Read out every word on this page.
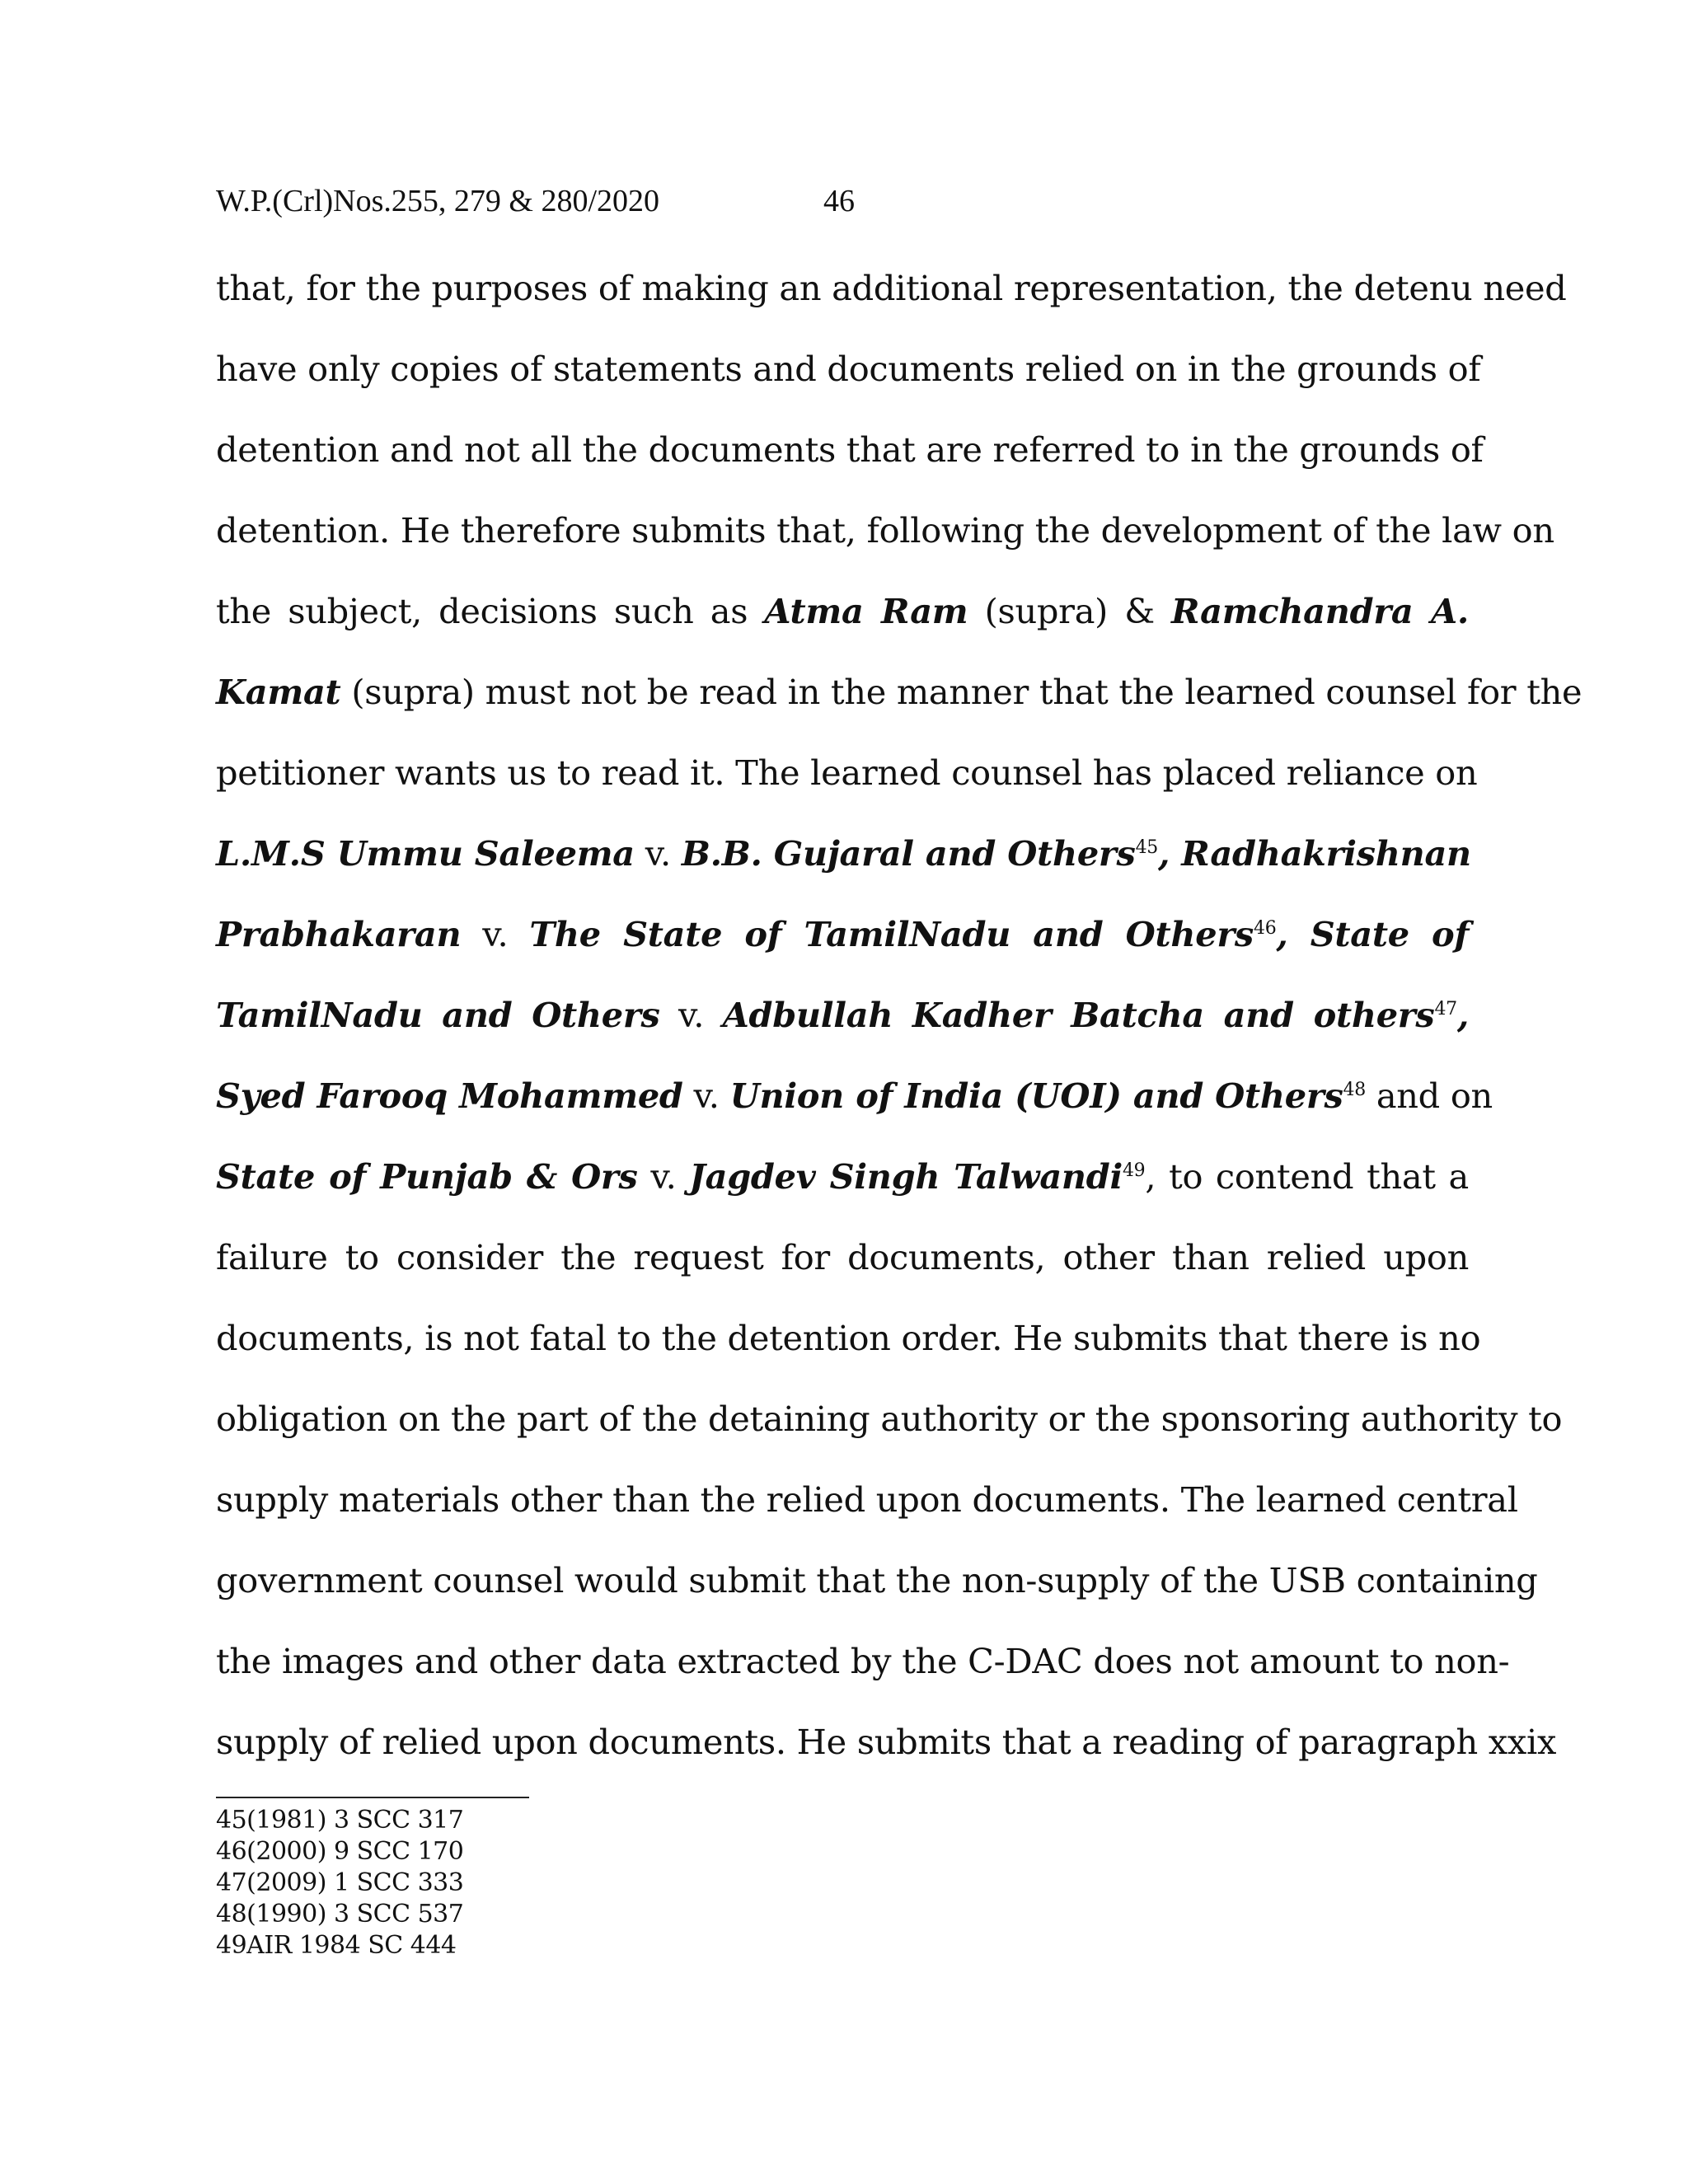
W.P.(Crl)Nos.255, 279 & 280/2020	46
that, for the purposes of making an additional representation, the detenu need
have only copies of statements and documents relied on in the grounds of
detention and not all the documents that are referred to in the grounds of
detention. He therefore submits that, following the development of the law on
the subject, decisions such as Atma Ram (supra) & Ramchandra A.
Kamat (supra) must not be read in the manner that the learned counsel for the
petitioner wants us to read it. The learned counsel has placed reliance on
L.M.S Ummu Saleema v. B.B. Gujaral and Others$^{45}$, Radhakrishnan
Prabhakaran v. The State of TamilNadu and Others$^{46}$, State of
TamilNadu and Others v. Adbullah Kadher Batcha and others$^{47}$,
Syed Farooq Mohammed v. Union of India (UOI) and Others$^{48}$ and on
State of Punjab & Ors v. Jagdev Singh Talwandi$^{49}$, to contend that a
failure to consider the request for documents, other than relied upon
documents, is not fatal to the detention order. He submits that there is no
obligation on the part of the detaining authority or the sponsoring authority to
supply materials other than the relied upon documents. The learned central
government counsel would submit that the non-supply of the USB containing
the images and other data extracted by the C-DAC does not amount to non-
supply of relied upon documents. He submits that a reading of paragraph xxix
45(1981) 3 SCC 317
46(2000) 9 SCC 170
47(2009) 1 SCC 333
48(1990) 3 SCC 537
49AIR 1984 SC 444
